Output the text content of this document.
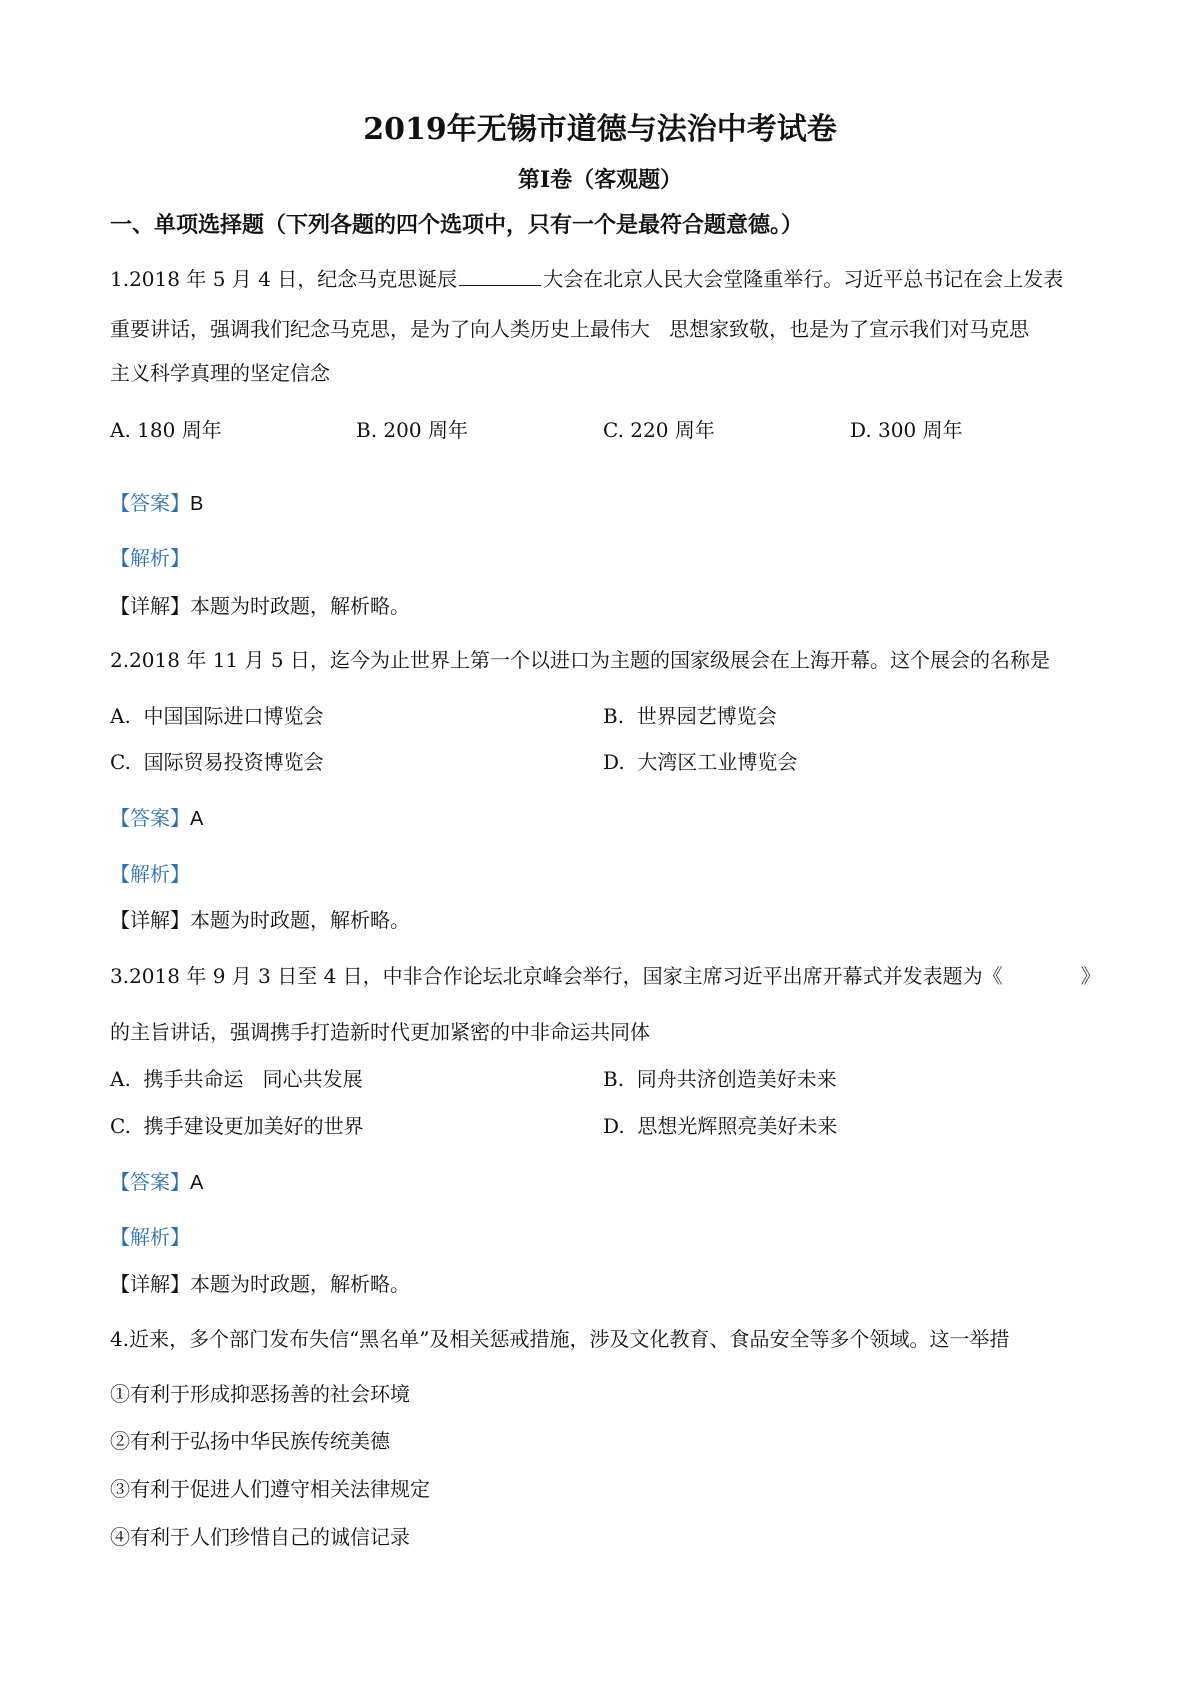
2019年无锡市道德与法治中考试卷
第Ⅰ卷（客观题）
一、单项选择题（下列各题的四个选项中，只有一个是最符合题意德。）
1.2018 年 5 月 4 日，纪念马克思诞辰	大会在北京人民大会堂隆重举行。习近平总书记在会上发表
重要讲话，强调我们纪念马克思，是为了向人类历史上最伟大   思想家致敬，也是为了宣示我们对马克思
主义科学真理的坚定信念
A. 180 周年	B. 200 周年	C. 220 周年	D. 300 周年
【答案】B
【解析】
【详解】本题为时政题，解析略。
2.2018 年 11 月 5 日，迄今为止世界上第一个以进口为主题的国家级展会在上海开幕。这个展会的名称是
A.  中国国际进口博览会	B.  世界园艺博览会
C.  国际贸易投资博览会	D.  大湾区工业博览会
【答案】A
【解析】
【详解】本题为时政题，解析略。
3.2018 年 9 月 3 日至 4 日，中非合作论坛北京峰会举行，国家主席习近平出席开幕式并发表题为《	》
的主旨讲话，强调携手打造新时代更加紧密的中非命运共同体
A.  携手共命运   同心共发展	B.  同舟共济创造美好未来
C.  携手建设更加美好的世界	D.  思想光辉照亮美好未来
【答案】A
【解析】
【详解】本题为时政题，解析略。
4.近来，多个部门发布失信“黑名单”及相关惩戒措施，涉及文化教育、食品安全等多个领域。这一举措
①有利于形成抑恶扬善的社会环境
②有利于弘扬中华民族传统美德
③有利于促进人们遵守相关法律规定
④有利于人们珍惜自己的诚信记录
